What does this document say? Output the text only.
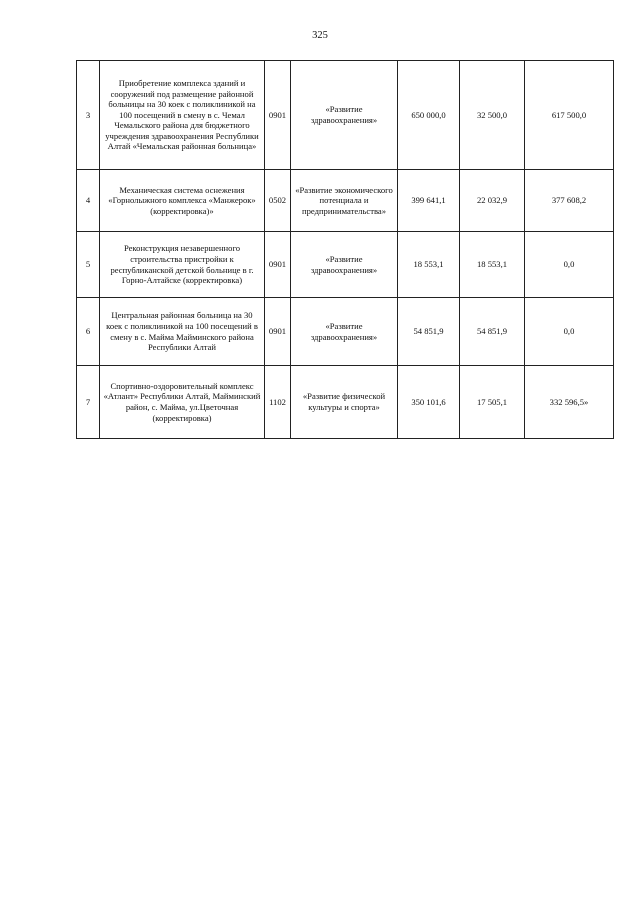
325
3	Приобретение комплекса зданий и сооружений под размещение районной больницы на 30 коек с поликлиникой на 100 посещений в смену в с. Чемал Чемальского района для бюджетного учреждения здравоохранения Республики Алтай «Чемальская районная больница»	0901	«Развитие здравоохранения»	650 000,0	32 500,0	617 500,0
4	Механическая система оснежения «Горнолыжного комплекса «Манжерок» (корректировка)»	0502	«Развитие экономического потенциала и предпринимательства»	399 641,1	22 032,9	377 608,2
5	Реконструкция незавершенного строительства пристройки к республиканской детской больнице в г. Горно-Алтайске (корректировка)	0901	«Развитие здравоохранения»	18 553,1	18 553,1	0,0
6	Центральная районная больница на 30 коек с поликлиникой на 100 посещений в смену в с. Майма Майминского района Республики Алтай	0901	«Развитие здравоохранения»	54 851,9	54 851,9	0,0
7	Спортивно-оздоровительный комплекс «Атлант» Республики Алтай, Майминский район, с. Майма, ул.Цветочная (корректировка)	1102	«Развитие физической культуры и спорта»	350 101,6	17 505,1	332 596,5»
